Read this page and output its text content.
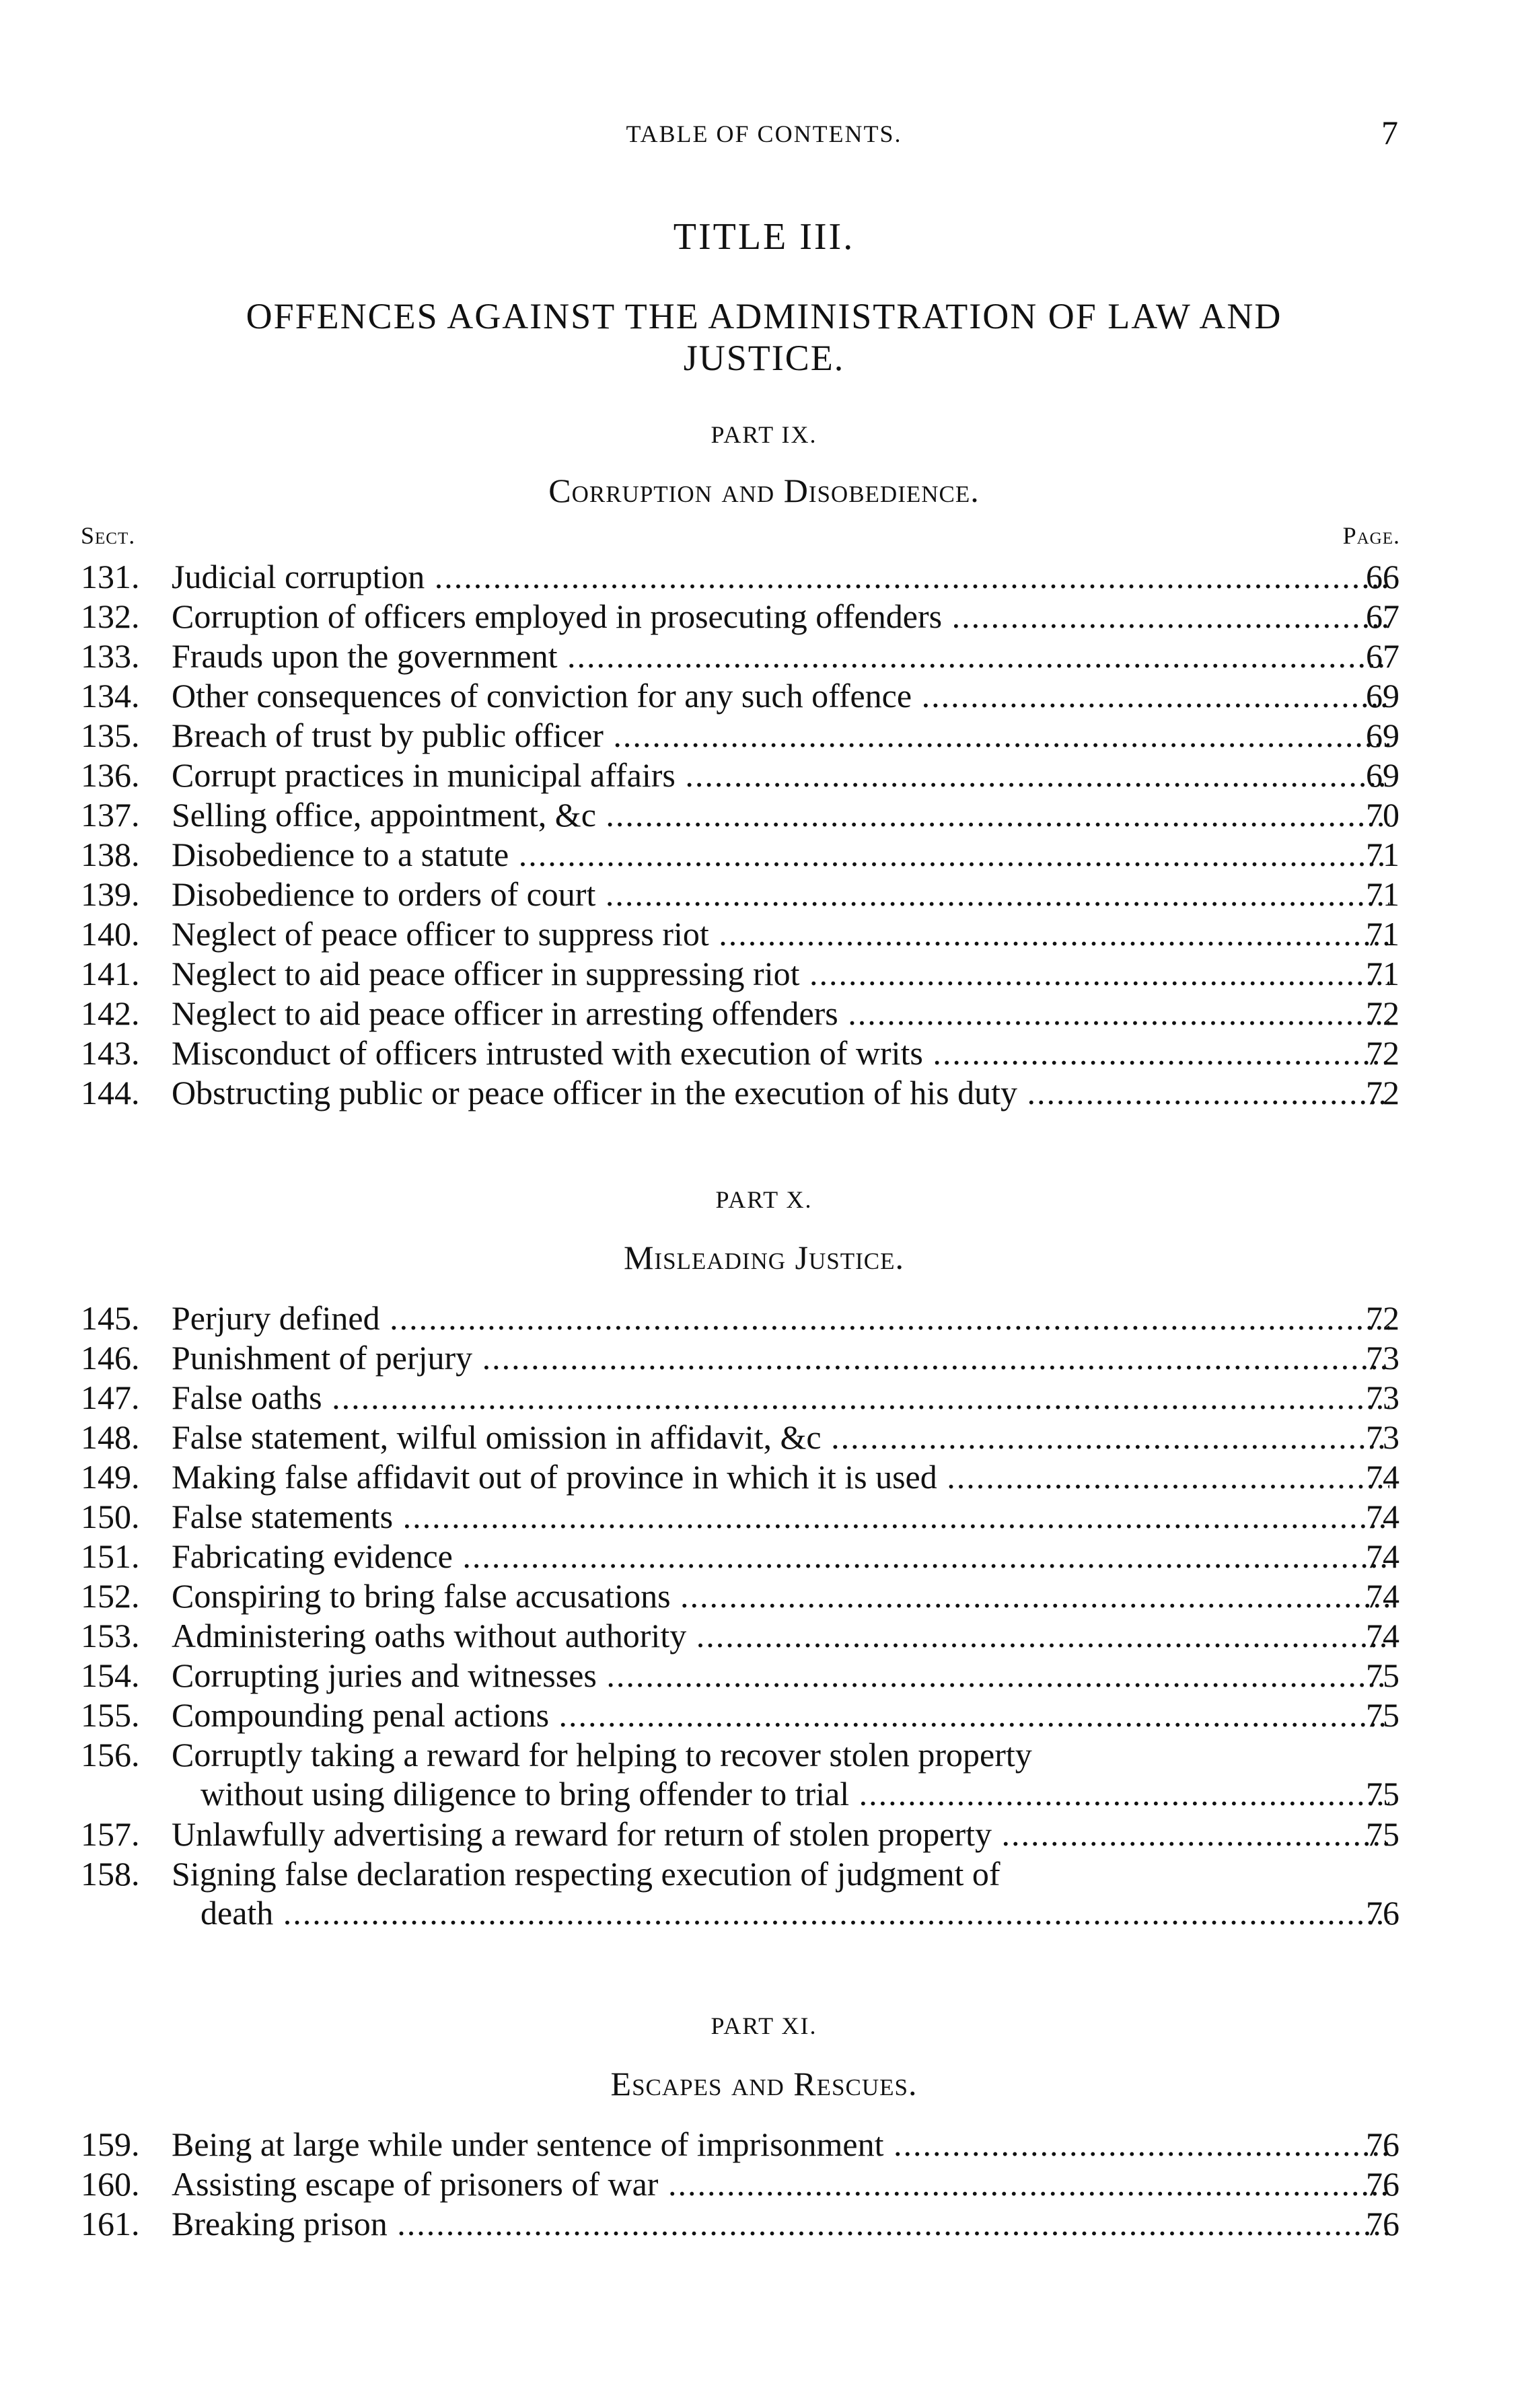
TABLE OF CONTENTS.	7
TITLE III.
OFFENCES AGAINST THE ADMINISTRATION OF LAW AND
JUSTICE.
PART IX.
Corruption and Disobedience.
Sect.	Page.
131. Judicial corruption .....	66
132. Corruption of officers employed in prosecuting offenders .....	67
133. Frauds upon the government .....	67
134. Other consequences of conviction for any such offence .....	69
135. Breach of trust by public officer .....	69
136. Corrupt practices in municipal affairs .....	69
137. Selling office, appointment, &c .....	70
138. Disobedience to a statute .....	71
139. Disobedience to orders of court .....	71
140. Neglect of peace officer to suppress riot .....	71
141. Neglect to aid peace officer in suppressing riot .....	71
142. Neglect to aid peace officer in arresting offenders .....	72
143. Misconduct of officers intrusted with execution of writs .....	72
144. Obstructing public or peace officer in the execution of his duty .....	72
PART X.
Misleading Justice.
145. Perjury defined .....	72
146. Punishment of perjury .....	73
147. False oaths .....	73
148. False statement, wilful omission in affidavit, &c .....	73
149. Making false affidavit out of province in which it is used .....	74
150. False statements .....	74
151. Fabricating evidence .....	74
152. Conspiring to bring false accusations .....	74
153. Administering oaths without authority .....	74
154. Corrupting juries and witnesses .....	75
155. Compounding penal actions .....	75
156. Corruptly taking a reward for helping to recover stolen property
without using diligence to bring offender to trial .....	75
157. Unlawfully advertising a reward for return of stolen property .....	75
158. Signing false declaration respecting execution of judgment of
death .....	76
PART XI.
Escapes and Rescues.
159. Being at large while under sentence of imprisonment .....	76
160. Assisting escape of prisoners of war .....	76
161. Breaking prison .....	76
